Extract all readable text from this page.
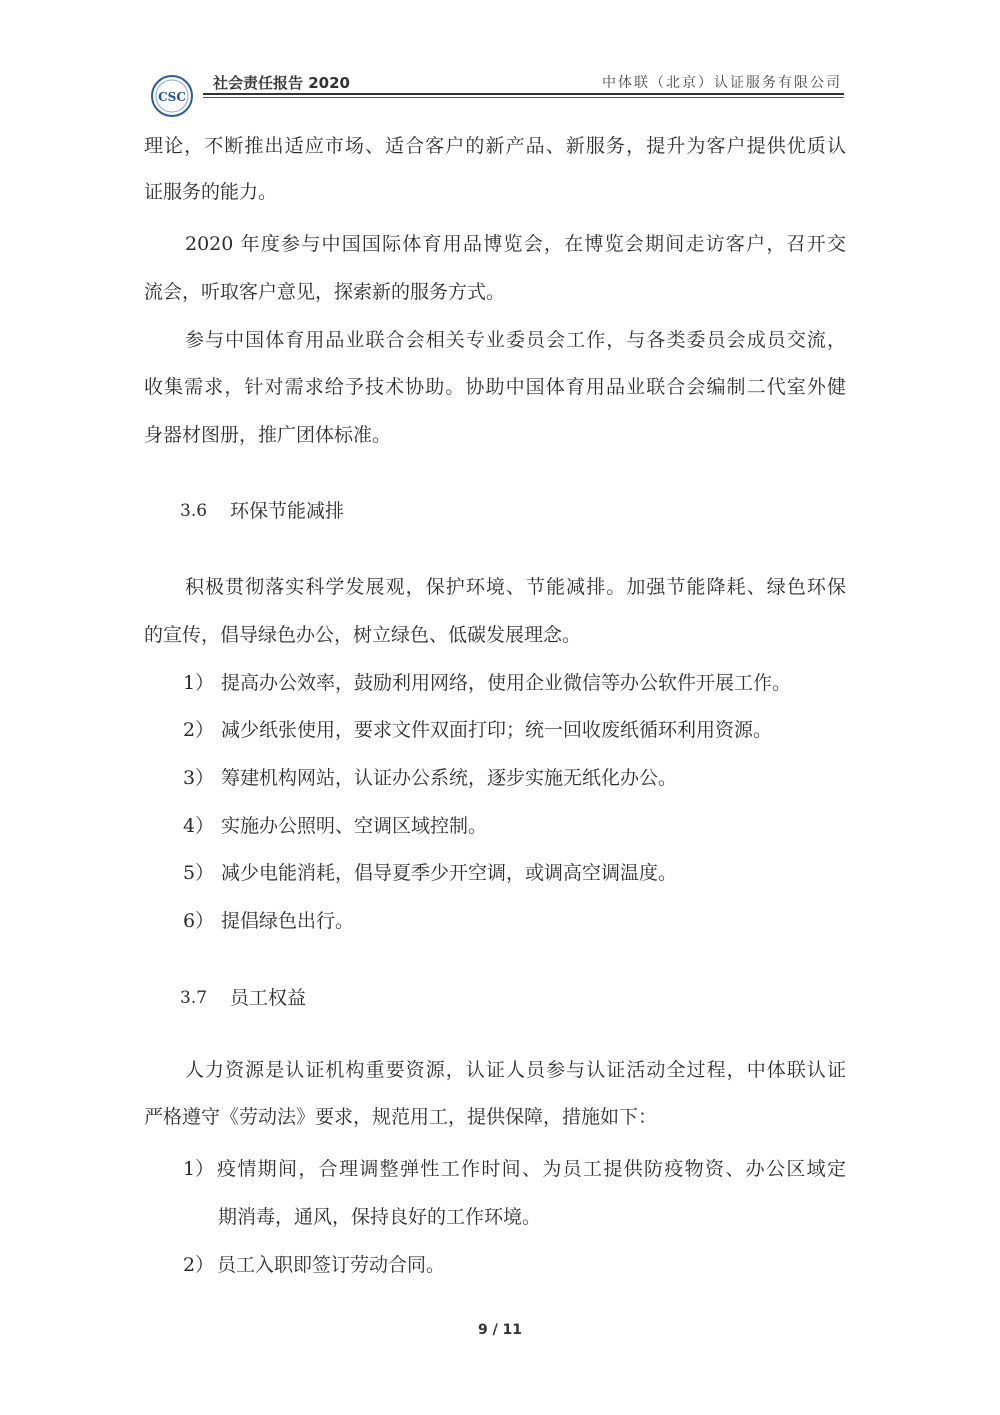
CSC
社会责任报告 2020	中体联（北京）认证服务有限公司
理论，不断推出适应市场、适合客户的新产品、新服务，提升为客户提供优质认
证服务的能力。
2020 年度参与中国国际体育用品博览会，在博览会期间走访客户，召开交
流会，听取客户意见，探索新的服务方式。
参与中国体育用品业联合会相关专业委员会工作，与各类委员会成员交流，
收集需求，针对需求给予技术协助。协助中国体育用品业联合会编制二代室外健
身器材图册，推广团体标准。
3.6 环保节能减排
积极贯彻落实科学发展观，保护环境、节能减排。加强节能降耗、绿色环保
的宣传，倡导绿色办公，树立绿色、低碳发展理念。
1） 提高办公效率，鼓励利用网络，使用企业微信等办公软件开展工作。
2） 减少纸张使用，要求文件双面打印；统一回收废纸循环利用资源。
3） 筹建机构网站，认证办公系统，逐步实施无纸化办公。
4） 实施办公照明、空调区域控制。
5） 减少电能消耗，倡导夏季少开空调，或调高空调温度。
6） 提倡绿色出行。
3.7 员工权益
人力资源是认证机构重要资源，认证人员参与认证活动全过程，中体联认证
严格遵守《劳动法》要求，规范用工，提供保障，措施如下：
1） 疫情期间，合理调整弹性工作时间、为员工提供防疫物资、办公区域定
期消毒，通风，保持良好的工作环境。
2） 员工入职即签订劳动合同。
9 / 11
